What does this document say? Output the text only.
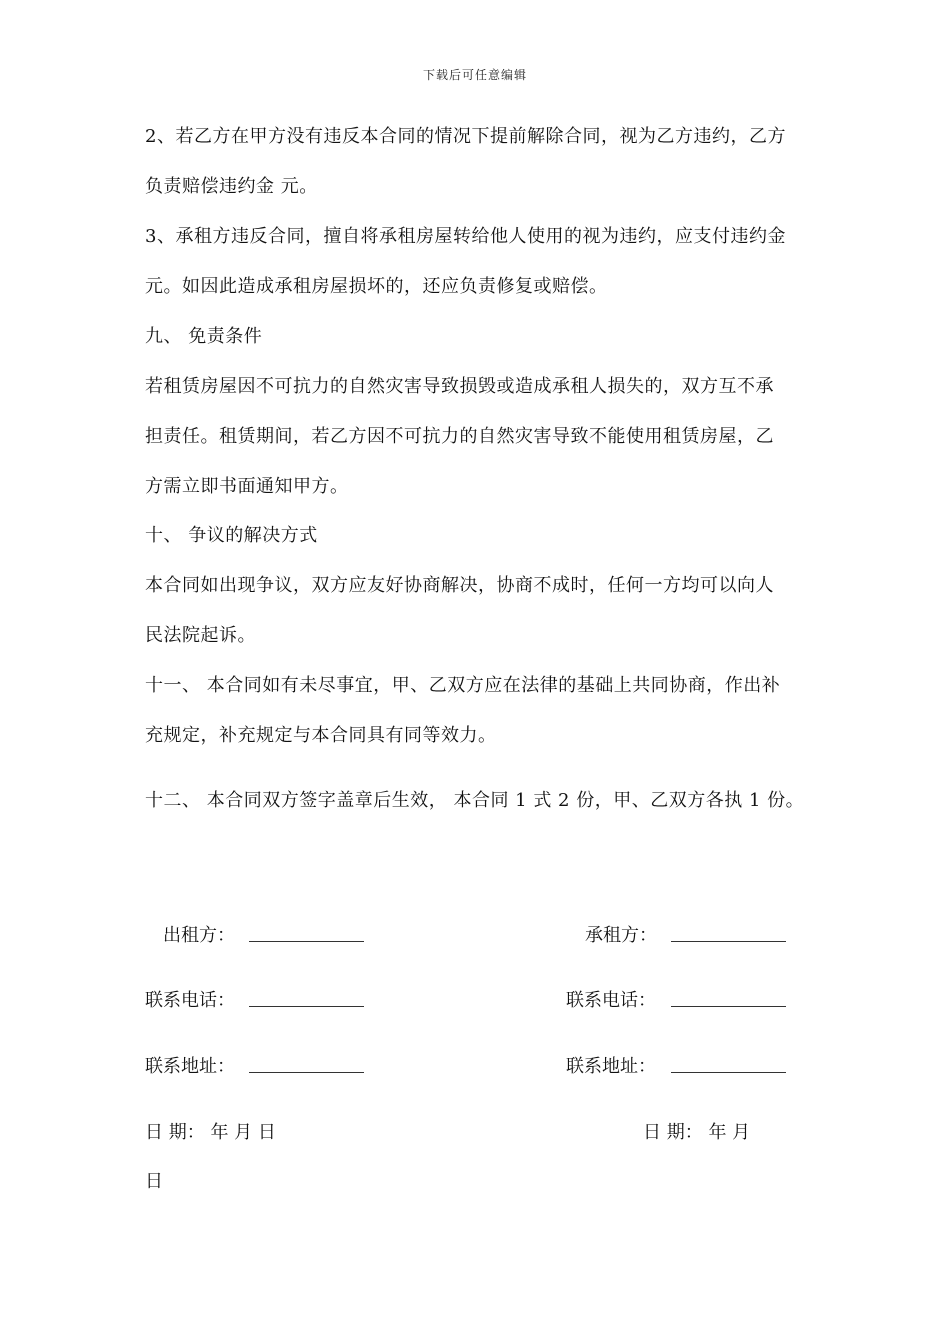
下载后可任意编辑
2、若乙方在甲方没有违反本合同的情况下提前解除合同，视为乙方违约，乙方
负责赔偿违约金 元。
3、承租方违反合同，擅自将承租房屋转给他人使用的视为违约，应支付违约金
元。如因此造成承租房屋损坏的，还应负责修复或赔偿。
九、 免责条件
若租赁房屋因不可抗力的自然灾害导致损毁或造成承租人损失的，双方互不承
担责任。租赁期间，若乙方因不可抗力的自然灾害导致不能使用租赁房屋，乙
方需立即书面通知甲方。
十、 争议的解决方式
本合同如出现争议，双方应友好协商解决，协商不成时，任何一方均可以向人
民法院起诉。
十一、 本合同如有未尽事宜，甲、乙双方应在法律的基础上共同协商，作出补
充规定，补充规定与本合同具有同等效力。
十二、 本合同双方签字盖章后生效， 本合同 1 式 2 份，甲、乙双方各执 1 份。
出租方：	承租方：
联系电话：	联系电话：
联系地址：	联系地址：
日 期： 年 月 日	日 期： 年 月
日
